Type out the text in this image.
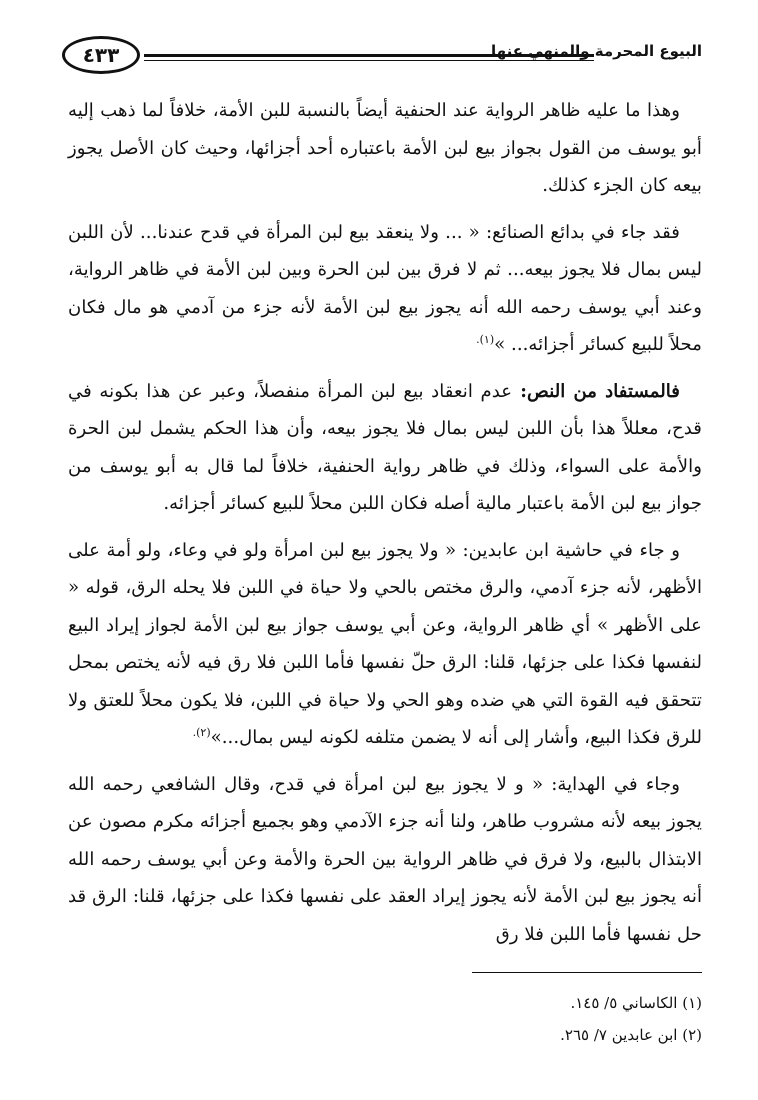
٤٣٣	البيوع المحرمة والمنهي عنها

وهذا ما عليه ظاهر الرواية عند الحنفية أيضاً بالنسبة للبن الأمة، خلافاً لما ذهب إليه أبو يوسف من القول بجواز بيع لبن الأمة باعتباره أحد أجزائها، وحيث كان الأصل يجوز بيعه كان الجزء كذلك.

فقد جاء في بدائع الصنائع: « ... ولا ينعقد بيع لبن المرأة في قدح عندنا... لأن اللبن ليس بمال فلا يجوز بيعه... ثم لا فرق بين لبن الحرة وبين لبن الأمة في ظاهر الرواية، وعند أبي يوسف رحمه الله أنه يجوز بيع لبن الأمة لأنه جزء من آدمي هو مال فكان محلاً للبيع كسائر أجزائه... »$^{(١).}$

فالمستفاد من النص: عدم انعقاد بيع لبن المرأة منفصلاً، وعبر عن هذا بكونه في قدح، معللاً هذا بأن اللبن ليس بمال فلا يجوز بيعه، وأن هذا الحكم يشمل لبن الحرة والأمة على السواء، وذلك في ظاهر رواية الحنفية، خلافاً لما قال به أبو يوسف من جواز بيع لبن الأمة باعتبار مالية أصله فكان اللبن محلاً للبيع كسائر أجزائه.

و جاء في حاشية ابن عابدين: « ولا يجوز بيع لبن امرأة ولو في وعاء، ولو أمة على الأظهر، لأنه جزء آدمي، والرق مختص بالحي ولا حياة في اللبن فلا يحله الرق، قوله « على الأظهر » أي ظاهر الرواية، وعن أبي يوسف جواز بيع لبن الأمة لجواز إيراد البيع لنفسها فكذا على جزئها، قلنا: الرق حلّ نفسها فأما اللبن فلا رق فيه لأنه يختص بمحل تتحقق فيه القوة التي هي ضده وهو الحي ولا حياة في اللبن، فلا يكون محلاً للعتق ولا للرق فكذا البيع، وأشار إلى أنه لا يضمن متلفه لكونه ليس بمال...»$^{(٢).}$

وجاء في الهداية: « و لا يجوز بيع لبن امرأة في قدح، وقال الشافعي رحمه الله يجوز بيعه لأنه مشروب طاهر، ولنا أنه جزء الآدمي وهو بجميع أجزائه مكرم مصون عن الابتذال بالبيع، ولا فرق في ظاهر الرواية بين الحرة والأمة وعن أبي يوسف رحمه الله أنه يجوز بيع لبن الأمة لأنه يجوز إيراد العقد على نفسها فكذا على جزئها، قلنا: الرق قد حل نفسها فأما اللبن فلا رق

(١) الكاساني ٥/ ١٤٥.
(٢) ابن عابدين ٧/ ٢٦٥.
